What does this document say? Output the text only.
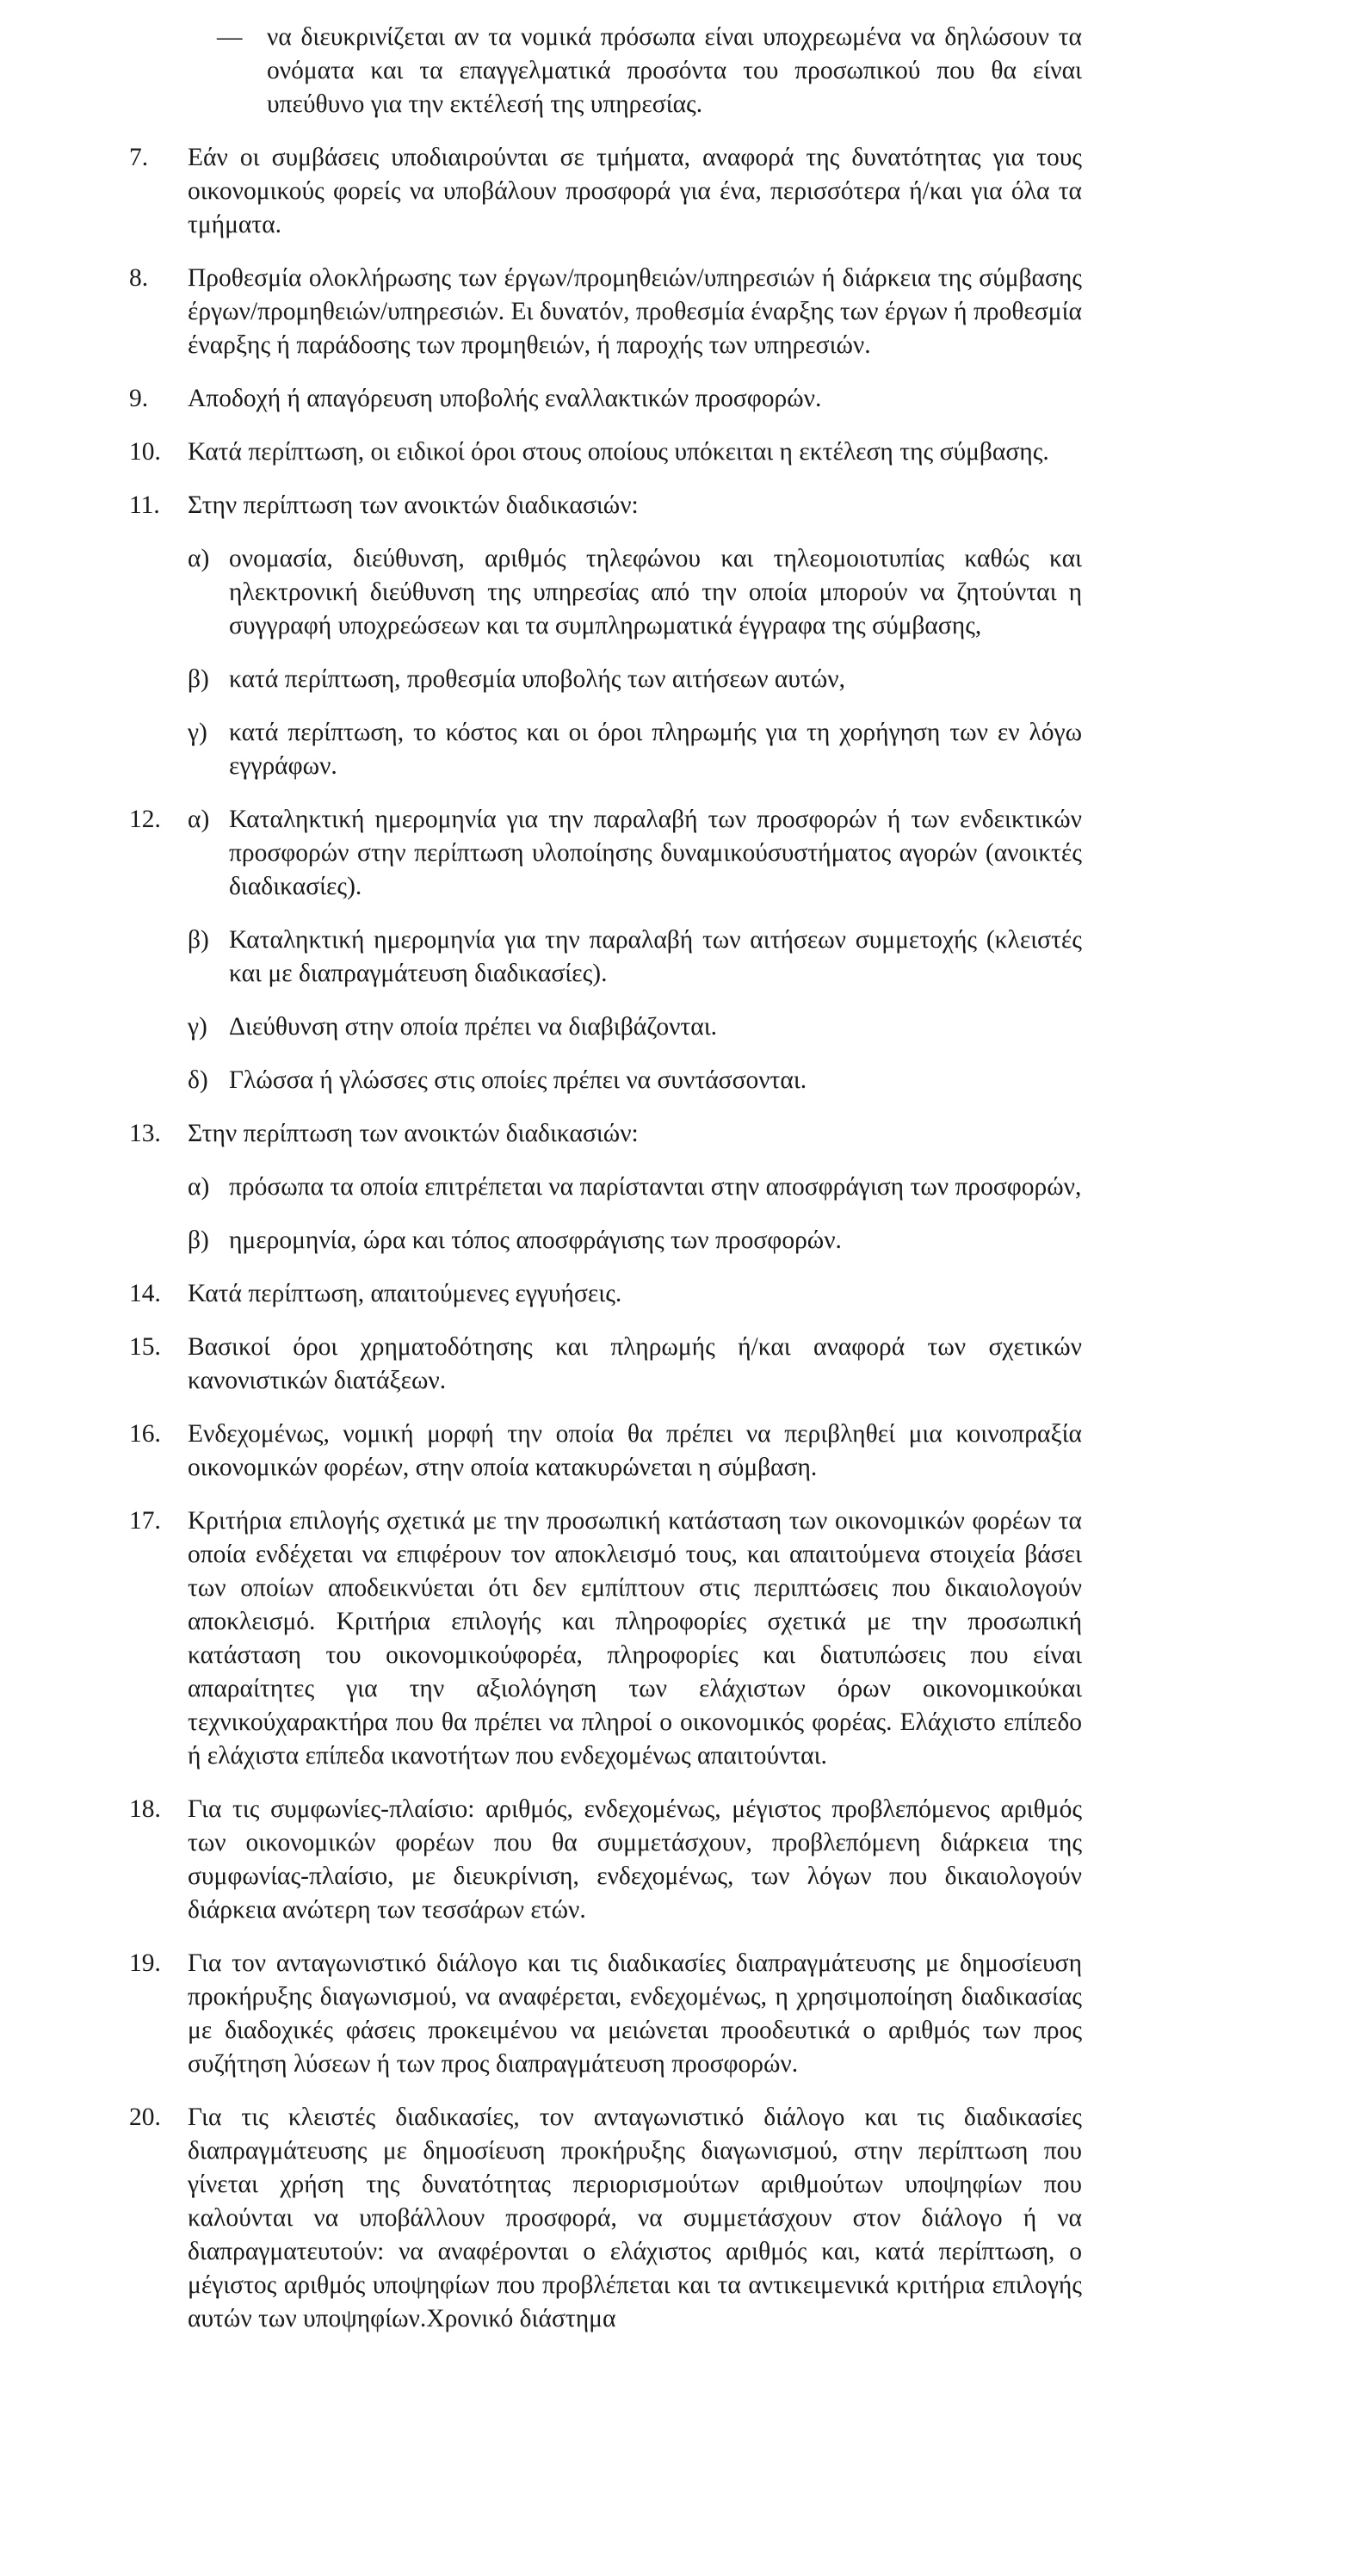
— να διευκρινίζεται αν τα νομικά πρόσωπα είναι υποχρεωμένα να δηλώσουν τα ονόματα και τα επαγγελματικά προσόντα του προσωπικού που θα είναι υπεύθυνο για την εκτέλεσή της υπηρεσίας.
7.	Εάν οι συμβάσεις υποδιαιρούνται σε τμήματα, αναφορά της δυνατότητας για τους οικονομικούς φορείς να υποβάλουν προσφορά για ένα, περισσότερα ή/και για όλα τα τμήματα.
8.	Προθεσμία ολοκλήρωσης των έργων/προμηθειών/υπηρεσιών ή διάρκεια της σύμβασης έργων/προμηθειών/υπηρεσιών. Ει δυνατόν, προθεσμία έναρξης των έργων ή προθεσμία έναρξης ή παράδοσης των προμηθειών, ή παροχής των υπηρεσιών.
9.	Αποδοχή ή απαγόρευση υποβολής εναλλακτικών προσφορών.
10.	Κατά περίπτωση, οι ειδικοί όροι στους οποίους υπόκειται η εκτέλεση της σύμβασης.
11.	Στην περίπτωση των ανοικτών διαδικασιών:
α) ονομασία, διεύθυνση, αριθμός τηλεφώνου και τηλεομοιοτυπίας καθώς και ηλεκτρονική διεύθυνση της υπηρεσίας από την οποία μπορούν να ζητούνται η συγγραφή υποχρεώσεων και τα συμπληρωματικά έγγραφα της σύμβασης,
β) κατά περίπτωση, προθεσμία υποβολής των αιτήσεων αυτών,
γ) κατά περίπτωση, το κόστος και οι όροι πληρωμής για τη χορήγηση των εν λόγω εγγράφων.
12.	α) Καταληκτική ημερομηνία για την παραλαβή των προσφορών ή των ενδεικτικών προσφορών στην περίπτωση υλοποίησης δυναμικούσυστήματος αγορών (ανοικτές διαδικασίες).
β) Καταληκτική ημερομηνία για την παραλαβή των αιτήσεων συμμετοχής (κλειστές και με διαπραγμάτευση διαδικασίες).
γ) Διεύθυνση στην οποία πρέπει να διαβιβάζονται.
δ) Γλώσσα ή γλώσσες στις οποίες πρέπει να συντάσσονται.
13.	Στην περίπτωση των ανοικτών διαδικασιών:
α) πρόσωπα τα οποία επιτρέπεται να παρίστανται στην αποσφράγιση των προσφορών,
β) ημερομηνία, ώρα και τόπος αποσφράγισης των προσφορών.
14.	Κατά περίπτωση, απαιτούμενες εγγυήσεις.
15.	Βασικοί όροι χρηματοδότησης και πληρωμής ή/και αναφορά των σχετικών κανονιστικών διατάξεων.
16.	Ενδεχομένως, νομική μορφή την οποία θα πρέπει να περιβληθεί μια κοινοπραξία οικονομικών φορέων, στην οποία κατακυρώνεται η σύμβαση.
17.	Κριτήρια επιλογής σχετικά με την προσωπική κατάσταση των οικονομικών φορέων τα οποία ενδέχεται να επιφέρουν τον αποκλεισμό τους, και απαιτούμενα στοιχεία βάσει των οποίων αποδεικνύεται ότι δεν εμπίπτουν στις περιπτώσεις που δικαιολογούν αποκλεισμό. Κριτήρια επιλογής και πληροφορίες σχετικά με την προσωπική κατάσταση του οικονομικούφορέα, πληροφορίες και διατυπώσεις που είναι απαραίτητες για την αξιολόγηση των ελάχιστων όρων οικονομικούκαι τεχνικούχαρακτήρα που θα πρέπει να πληροί ο οικονομικός φορέας. Ελάχιστο επίπεδο ή ελάχιστα επίπεδα ικανοτήτων που ενδεχομένως απαιτούνται.
18.	Για τις συμφωνίες-πλαίσιο: αριθμός, ενδεχομένως, μέγιστος προβλεπόμενος αριθμός των οικονομικών φορέων που θα συμμετάσχουν, προβλεπόμενη διάρκεια της συμφωνίας-πλαίσιο, με διευκρίνιση, ενδεχομένως, των λόγων που δικαιολογούν διάρκεια ανώτερη των τεσσάρων ετών.
19.	Για τον ανταγωνιστικό διάλογο και τις διαδικασίες διαπραγμάτευσης με δημοσίευση προκήρυξης διαγωνισμού, να αναφέρεται, ενδεχομένως, η χρησιμοποίηση διαδικασίας με διαδοχικές φάσεις προκειμένου να μειώνεται προοδευτικά ο αριθμός των προς συζήτηση λύσεων ή των προς διαπραγμάτευση προσφορών.
20.	Για τις κλειστές διαδικασίες, τον ανταγωνιστικό διάλογο και τις διαδικασίες διαπραγμάτευσης με δημοσίευση προκήρυξης διαγωνισμού, στην περίπτωση που γίνεται χρήση της δυνατότητας περιορισμούτων αριθμούτων υποψηφίων που καλούνται να υποβάλλουν προσφορά, να συμμετάσχουν στον διάλογο ή να διαπραγματευτούν: να αναφέρονται ο ελάχιστος αριθμός και, κατά περίπτωση, ο μέγιστος αριθμός υποψηφίων που προβλέπεται και τα αντικειμενικά κριτήρια επιλογής αυτών των υποψηφίων.Χρονικό διάστημα
